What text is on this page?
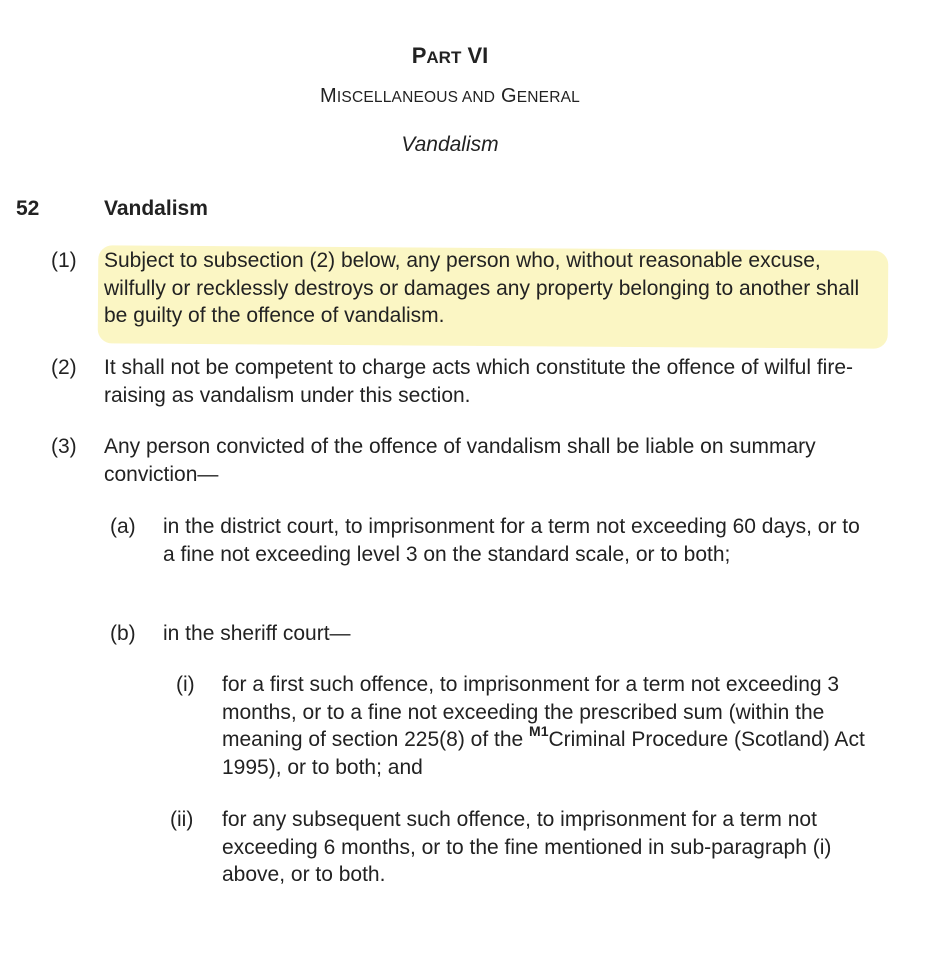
PART VI
MISCELLANEOUS AND GENERAL
Vandalism
52	Vandalism
(1) Subject to subsection (2) below, any person who, without reasonable excuse, wilfully or recklessly destroys or damages any property belonging to another shall be guilty of the offence of vandalism.
(2) It shall not be competent to charge acts which constitute the offence of wilful fire-raising as vandalism under this section.
(3) Any person convicted of the offence of vandalism shall be liable on summary conviction—
(a) in the district court, to imprisonment for a term not exceeding 60 days, or to a fine not exceeding level 3 on the standard scale, or to both;
(b) in the sheriff court—
(i) for a first such offence, to imprisonment for a term not exceeding 3 months, or to a fine not exceeding the prescribed sum (within the meaning of section 225(8) of the $^{M1}$Criminal Procedure (Scotland) Act 1995), or to both; and
(ii) for any subsequent such offence, to imprisonment for a term not exceeding 6 months, or to the fine mentioned in sub-paragraph (i) above, or to both.
